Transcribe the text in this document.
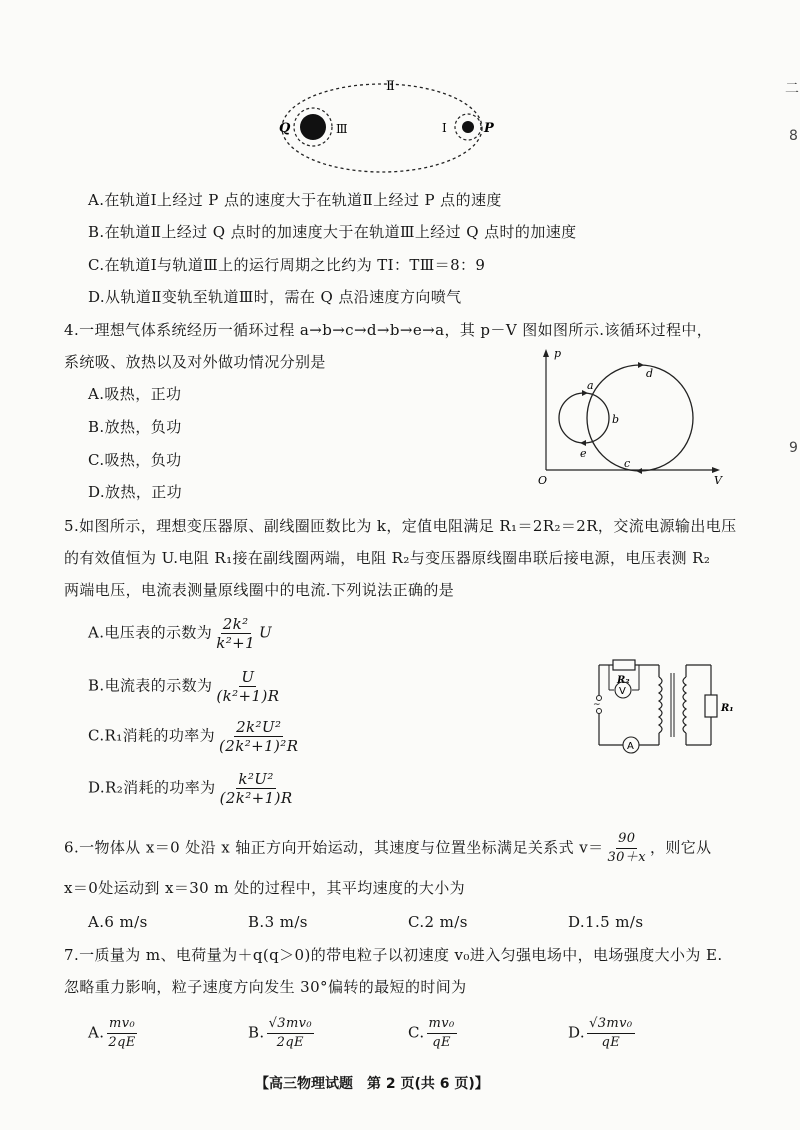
二
8
9
Ⅱ
Ⅲ	Ⅰ
Q	P
A.在轨道Ⅰ上经过 P 点的速度大于在轨道Ⅱ上经过 P 点的速度
B.在轨道Ⅱ上经过 Q 点时的加速度大于在轨道Ⅲ上经过 Q 点时的加速度
C.在轨道Ⅰ与轨道Ⅲ上的运行周期之比约为 TⅠ：TⅢ＝8：9
D.从轨道Ⅱ变轨至轨道Ⅲ时，需在 Q 点沿速度方向喷气
4.一理想气体系统经历一循环过程 a→b→c→d→b→e→a，其 p－V 图如图所示.该循环过程中，
系统吸、放热以及对外做功情况分别是
A.吸热，正功
B.放热，负功
C.吸热，负功
D.放热，正功
p
V
O
a
b
c
d
e

5.如图所示，理想变压器原、副线圈匝数比为 k，定值电阻满足 R₁＝2R₂＝2R，交流电源输出电压
的有效值恒为 U.电阻 R₁接在副线圈两端，电阻 R₂与变压器原线圈串联后接电源，电压表测 R₂
两端电压，电流表测量原线圈中的电流.下列说法正确的是
A.电压表的示数为 $\frac{\text{2k²}}{\text{k²+1}}$ U
B.电流表的示数为 $\frac{U}{\text{(k²+1)R}}$
C.R₁消耗的功率为 $\frac{\text{2k²U²}}{\text{(2k²+1)²R}}$
D.R₂消耗的功率为 $\frac{\text{k²U²}}{\text{(2k²+1)R}}$
~
R₂
V
A
R₁
6.一物体从 x＝0 处沿 x 轴正方向开始运动，其速度与位置坐标满足关系式 $v= \frac{90}{30+x}$ ，则它从
x＝0处运动到 x＝30 m 处的过程中，其平均速度的大小为
A.6 m/s	B.3 m/s	C.2 m/s	D.1.5 m/s
7.一质量为 m、电荷量为＋q(q＞0)的带电粒子以初速度 v₀进入匀强电场中，电场强度大小为 E.
忽略重力影响，粒子速度方向发生 30°偏转的最短的时间为
A. $\frac{\text{mv₀}}{2qE}$	B. $\frac{\text{√3mv₀}}{2qE}$	C. $\frac{\text{mv₀}}{qE}$	D. $\frac{\text{√3mv₀}}{qE}$
【高三物理试题　第 2 页(共 6 页)】
